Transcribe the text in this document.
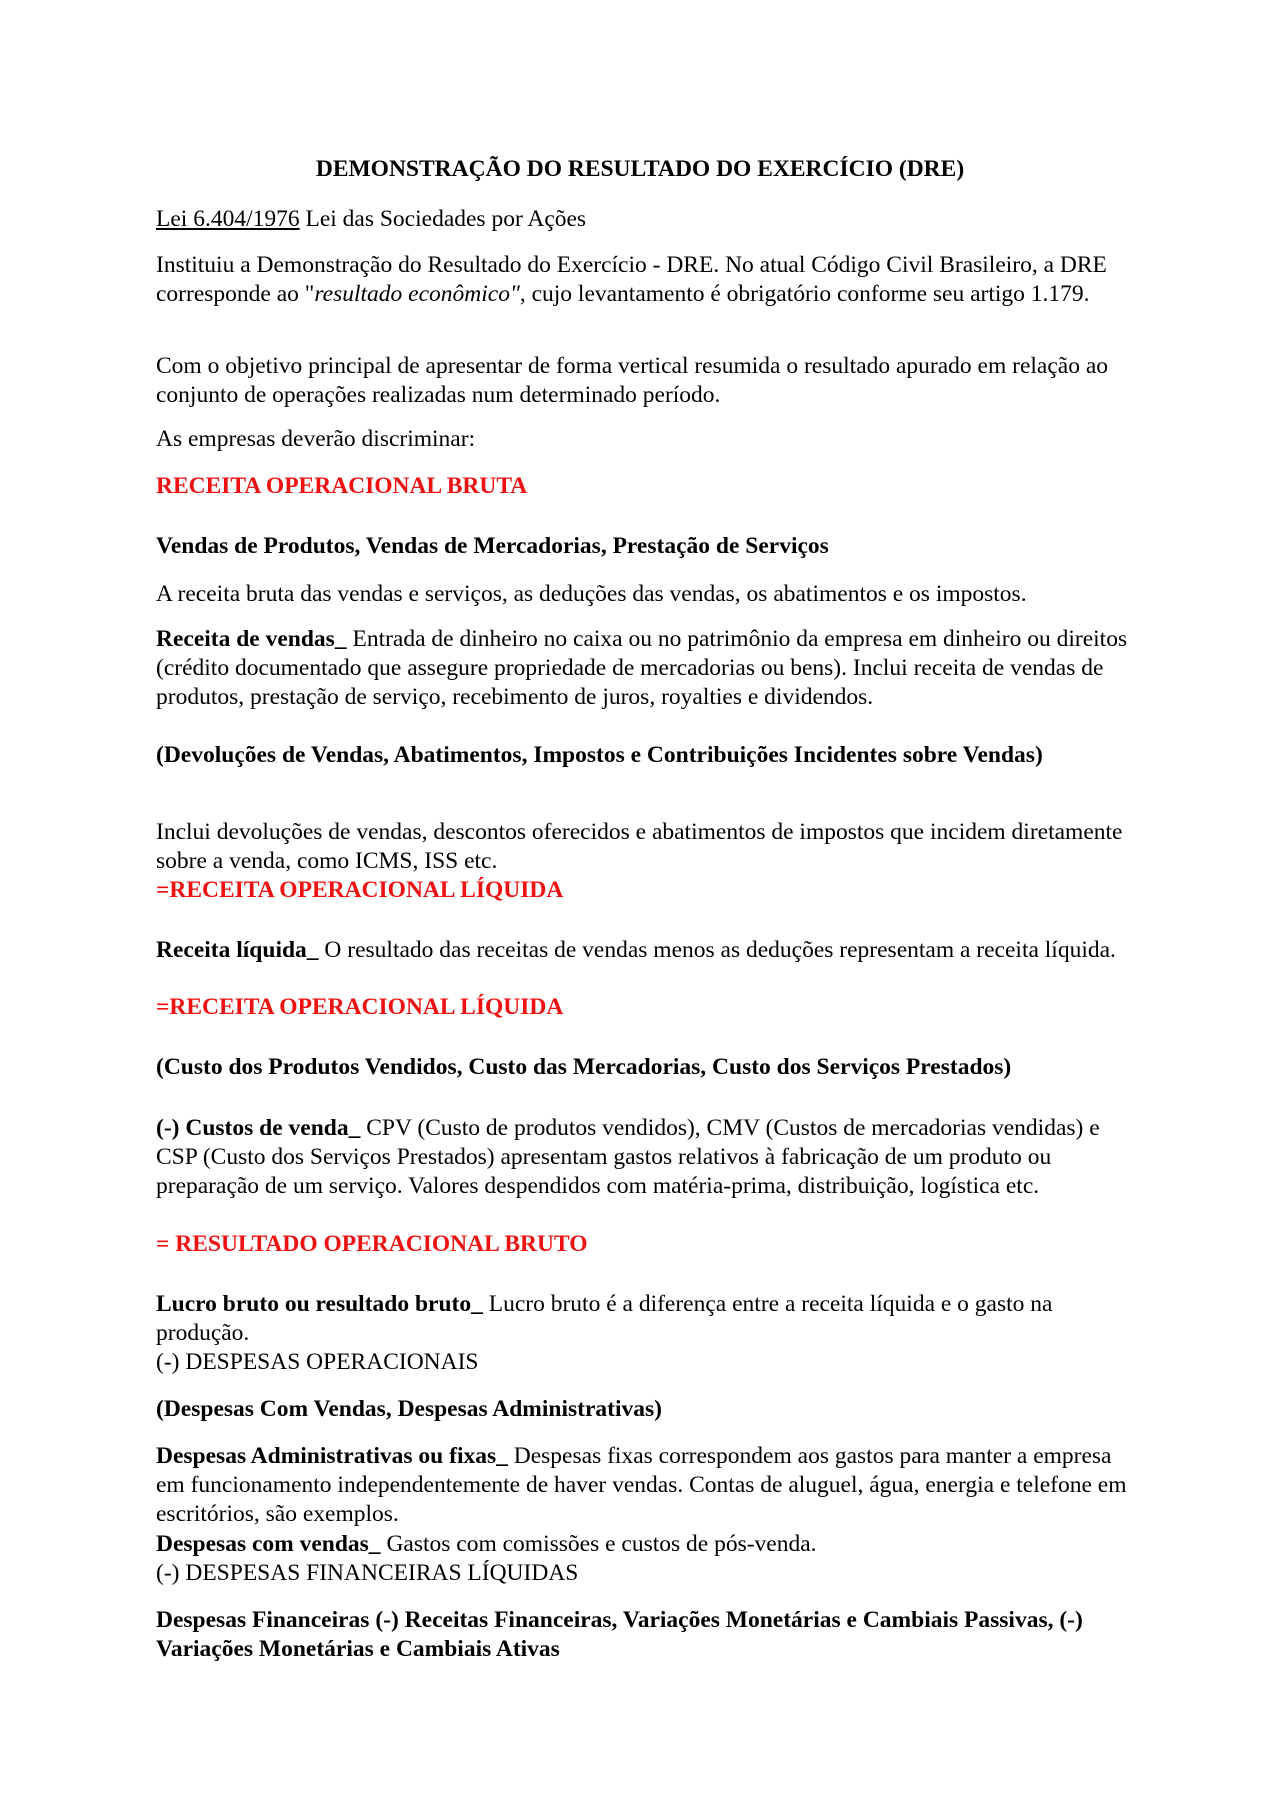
DEMONSTRAÇÃO DO RESULTADO DO EXERCÍCIO (DRE)

Lei 6.404/1976 Lei das Sociedades por Ações

Instituiu a Demonstração do Resultado do Exercício - DRE. No atual Código Civil Brasileiro, a DRE corresponde ao "resultado econômico", cujo levantamento é obrigatório conforme seu artigo 1.179.

Com o objetivo principal de apresentar de forma vertical resumida o resultado apurado em relação ao conjunto de operações realizadas num determinado período.

As empresas deverão discriminar:

RECEITA OPERACIONAL BRUTA

Vendas de Produtos, Vendas de Mercadorias, Prestação de Serviços

A receita bruta das vendas e serviços, as deduções das vendas, os abatimentos e os impostos.

Receita de vendas_ Entrada de dinheiro no caixa ou no patrimônio da empresa em dinheiro ou direitos (crédito documentado que assegure propriedade de mercadorias ou bens). Inclui receita de vendas de produtos, prestação de serviço, recebimento de juros, royalties e dividendos.

(Devoluções de Vendas, Abatimentos, Impostos e Contribuições Incidentes sobre Vendas)

Inclui devoluções de vendas, descontos oferecidos e abatimentos de impostos que incidem diretamente sobre a venda, como ICMS, ISS etc.

=RECEITA OPERACIONAL LÍQUIDA

Receita líquida_ O resultado das receitas de vendas menos as deduções representam a receita líquida.

=RECEITA OPERACIONAL LÍQUIDA

(Custo dos Produtos Vendidos, Custo das Mercadorias, Custo dos Serviços Prestados)

(-) Custos de venda_ CPV (Custo de produtos vendidos), CMV (Custos de mercadorias vendidas) e CSP (Custo dos Serviços Prestados) apresentam gastos relativos à fabricação de um produto ou preparação de um serviço. Valores despendidos com matéria-prima, distribuição, logística etc.

= RESULTADO OPERACIONAL BRUTO

Lucro bruto ou resultado bruto_ Lucro bruto é a diferença entre a receita líquida e o gasto na produção.

(-) DESPESAS OPERACIONAIS

(Despesas Com Vendas, Despesas Administrativas)

Despesas Administrativas ou fixas_ Despesas fixas correspondem aos gastos para manter a empresa em funcionamento independentemente de haver vendas. Contas de aluguel, água, energia e telefone em escritórios, são exemplos.

Despesas com vendas_ Gastos com comissões e custos de pós-venda.

(-) DESPESAS FINANCEIRAS LÍQUIDAS

Despesas Financeiras (-) Receitas Financeiras, Variações Monetárias e Cambiais Passivas, (-) Variações Monetárias e Cambiais Ativas
